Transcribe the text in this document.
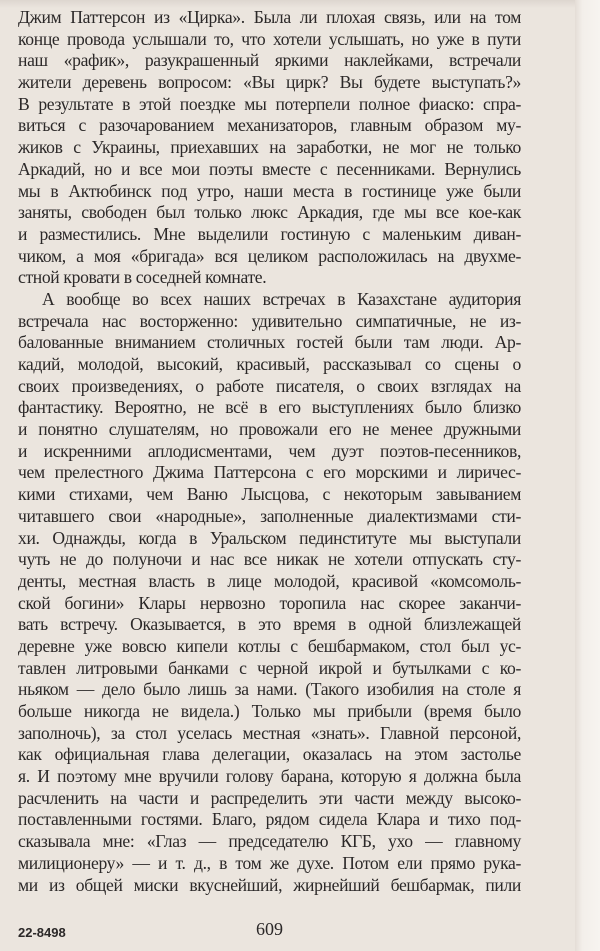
Джим Паттерсон из «Цирка». Была ли плохая связь, или на том
конце провода услышали то, что хотели услышать, но уже в пути
наш «рафик», разукрашенный яркими наклейками, встречали
жители деревень вопросом: «Вы цирк? Вы будете выступать?»
В результате в этой поездке мы потерпели полное фиаско: спра-
виться с разочарованием механизаторов, главным образом му-
жиков с Украины, приехавших на заработки, не мог не только
Аркадий, но и все мои поэты вместе с песенниками. Вернулись
мы в Актюбинск под утро, наши места в гостинице уже были
заняты, свободен был только люкс Аркадия, где мы все кое-как
и разместились. Мне выделили гостиную с маленьким диван-
чиком, а моя «бригада» вся целиком расположилась на двухме-
стной кровати в соседней комнате.
А вообще во всех наших встречах в Казахстане аудитория
встречала нас восторженно: удивительно симпатичные, не из-
балованные вниманием столичных гостей были там люди. Ар-
кадий, молодой, высокий, красивый, рассказывал со сцены о
своих произведениях, о работе писателя, о своих взглядах на
фантастику. Вероятно, не всё в его выступлениях было близко
и понятно слушателям, но провожали его не менее дружными
и искренними аплодисментами, чем дуэт поэтов-песенников,
чем прелестного Джима Паттерсона с его морскими и лиричес-
кими стихами, чем Ваню Лысцова, с некоторым завыванием
читавшего свои «народные», заполненные диалектизмами сти-
хи. Однажды, когда в Уральском пединституте мы выступали
чуть не до полуночи и нас все никак не хотели отпускать сту-
денты, местная власть в лице молодой, красивой «комсомоль-
ской богини» Клары нервозно торопила нас скорее заканчи-
вать встречу. Оказывается, в это время в одной близлежащей
деревне уже вовсю кипели котлы с бешбармаком, стол был ус-
тавлен литровыми банками с черной икрой и бутылками с ко-
ньяком — дело было лишь за нами. (Такого изобилия на столе я
больше никогда не видела.) Только мы прибыли (время было
заполночь), за стол уселась местная «знать». Главной персоной,
как официальная глава делегации, оказалась на этом застолье
я. И поэтому мне вручили голову барана, которую я должна была
расчленить на части и распределить эти части между высоко-
поставленными гостями. Благо, рядом сидела Клара и тихо под-
сказывала мне: «Глаз — председателю КГБ, ухо — главному
милиционеру» — и т. д., в том же духе. Потом ели прямо рука-
ми из общей миски вкуснейший, жирнейший бешбармак, пили
22-8498	609
